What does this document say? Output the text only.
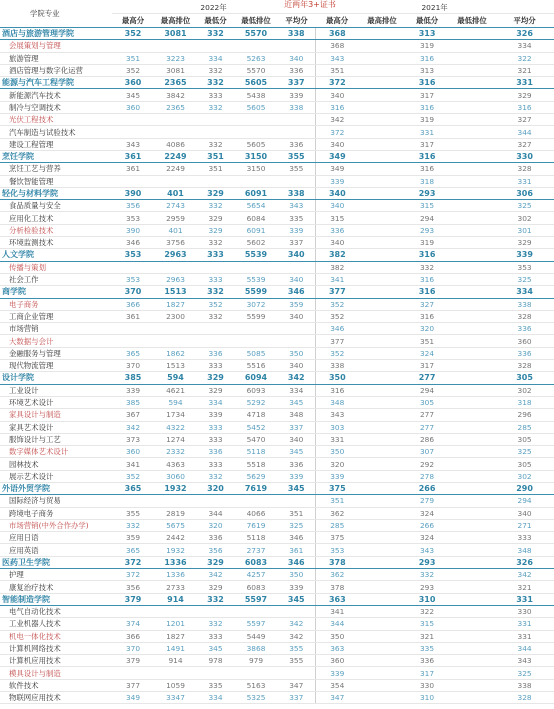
学院专业	2022年					2021年				
	最高分	最高排位	最低分	最低排位	平均分	最高分	最高排位	最低分	最低排位	平均分
酒店与旅游管理学院	352	3081	332	5570	338	368		313		326
会展策划与管理						368		319		334
旅游管理	351	3223	334	5263	340	343		316		322
酒店管理与数字化运营	352	3081	332	5570	336	351		313		321
能源与汽车工程学院	360	2365	332	5605	337	372		316		331
新能源汽车技术	345	3842	333	5438	339	340		317		329
制冷与空调技术	360	2365	332	5605	338	316		316		316
光伏工程技术						342		319		327
汽车制造与试验技术						372		331		344
建设工程管理	343	4086	332	5605	336	340		317		327
烹饪学院	361	2249	351	3150	355	349		316		330
烹饪工艺与营养	361	2249	351	3150	355	349		316		328
餐饮智能管理						339		318		331
轻化与材料学院	390	401	329	6091	338	340		293		306
食品质量与安全	356	2743	332	5654	343	340		315		325
应用化工技术	353	2959	329	6084	335	315		294		302
分析检验技术	390	401	329	6091	339	336		293		301
环境监测技术	346	3756	332	5602	337	340		319		329
人文学院	353	2963	333	5539	340	382		316		339
传播与策划						382		332		353
社会工作	353	2963	333	5539	340	341		316		325
商学院	370	1513	332	5599	346	377		316		334
电子商务	366	1827	352	3072	359	352		327		338
工商企业管理	361	2300	332	5599	340	352		316		328
市场营销						346		320		336
大数据与会计						377		351		360
金融服务与管理	365	1862	336	5085	350	352		324		336
现代物流管理	370	1513	333	5516	340	338		317		328
设计学院	385	594	329	6094	342	350		277		305
工业设计	339	4621	329	6093	334	316		294		302
环境艺术设计	385	594	334	5292	345	348		305		318
家具设计与制造	367	1734	339	4718	348	343		277		296
家具艺术设计	342	4322	333	5452	337	303		277		285
服饰设计与工艺	373	1274	333	5470	340	331		286		305
数字媒体艺术设计	360	2332	336	5118	345	350		307		325
园林技术	341	4363	333	5518	336	320		292		305
展示艺术设计	352	3060	332	5629	339	339		278		302
外语外贸学院	365	1932	320	7619	345	375		266		290
国际经济与贸易						351		279		294
跨境电子商务	355	2819	344	4066	351	362		324		340
市场营销(中外合作办学)	332	5675	320	7619	325	285		266		271
应用日语	359	2442	336	5118	346	375		324		333
应用英语	365	1932	356	2737	361	353		343		348
医药卫生学院	372	1336	329	6083	346	378		293		326
护理	372	1336	342	4257	350	362		332		342
康复治疗技术	356	2733	329	6083	339	378		293		321
智能制造学院	379	914	332	5597	345	363		310		331
电气自动化技术						341		322		330
工业机器人技术	374	1201	332	5597	342	344		315		331
机电一体化技术	366	1827	333	5449	342	350		321		331
计算机网络技术	370	1491	345	3868	355	363		335		344
计算机应用技术	379	914	978	979	355	360		336		343
模具设计与制造						339		317		325
软件技术	377	1059	335	5163	347	354		330		338
物联网应用技术	349	3347	334	5325	337	347		310		328
近两年3+证书
